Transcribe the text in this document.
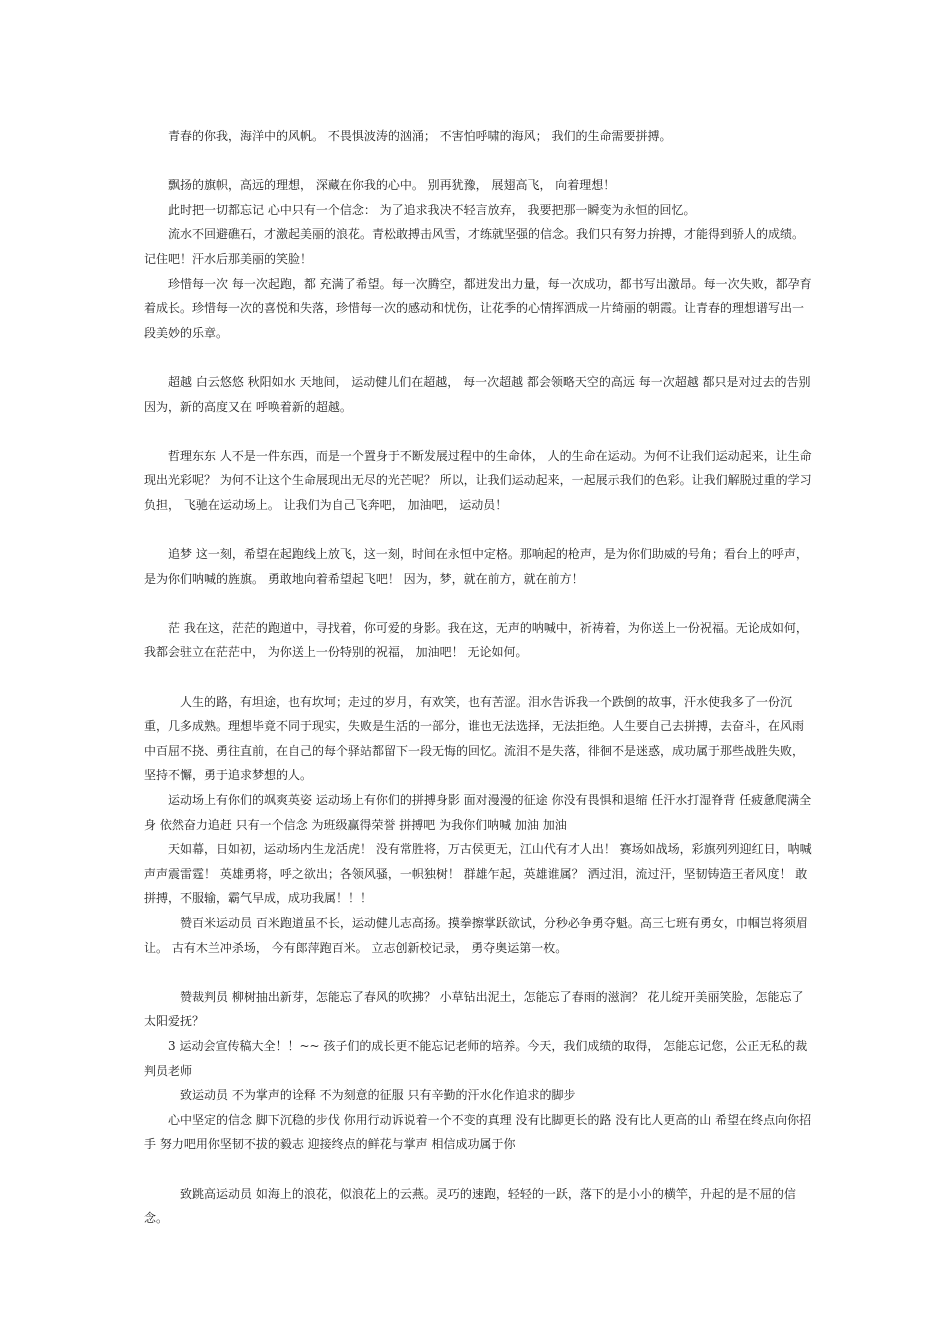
青春的你我，海洋中的风帆。 不畏惧波涛的汹涌； 不害怕呼啸的海风； 我们的生命需要拼搏。

飘扬的旗帜，高远的理想， 深藏在你我的心中。 别再犹豫， 展翅高飞， 向着理想！

此时把一切都忘记 心中只有一个信念： 为了追求我决不轻言放弃， 我要把那一瞬变为永恒的回忆。

流水不回避礁石，才激起美丽的浪花。青松敢搏击风雪，才练就坚强的信念。我们只有努力拚搏，才能得到骄人的成绩。记住吧！汗水后那美丽的笑脸！

珍惜每一次 每一次起跑，都 充满了希望。每一次腾空，都迸发出力量，每一次成功，都书写出激昂。每一次失败，都孕育着成长。珍惜每一次的喜悦和失落，珍惜每一次的感动和忧伤，让花季的心情挥洒成一片绮丽的朝霞。让青春的理想谱写出一段美妙的乐章。

超越 白云悠悠 秋阳如水 天地间， 运动健儿们在超越， 每一次超越 都会领略天空的高远 每一次超越 都只是对过去的告别 因为，新的高度又在 呼唤着新的超越。

哲理东东 人不是一件东西，而是一个置身于不断发展过程中的生命体， 人的生命在运动。为何不让我们运动起来，让生命现出光彩呢？ 为何不让这个生命展现出无尽的光芒呢？ 所以，让我们运动起来，一起展示我们的色彩。让我们解脱过重的学习负担， 飞驰在运动场上。 让我们为自己飞奔吧， 加油吧， 运动员！

追梦 这一刻，希望在起跑线上放飞，这一刻，时间在永恒中定格。那响起的枪声，是为你们助威的号角；看台上的呼声，是为你们呐喊的旌旗。 勇敢地向着希望起飞吧！ 因为，梦，就在前方，就在前方！

茫 我在这，茫茫的跑道中，寻找着，你可爱的身影。我在这，无声的呐喊中，祈祷着，为你送上一份祝福。无论成如何，我都会驻立在茫茫中， 为你送上一份特别的祝福， 加油吧！ 无论如何。

人生的路，有坦途，也有坎坷；走过的岁月，有欢笑，也有苦涩。泪水告诉我一个跌倒的故事，汗水使我多了一份沉重，几多成熟。理想毕竟不同于现实，失败是生活的一部分，谁也无法选择，无法拒绝。人生要自己去拼搏，去奋斗，在风雨中百屈不挠、勇往直前，在自己的每个驿站都留下一段无悔的回忆。流泪不是失落，徘徊不是迷惑，成功属于那些战胜失败，坚持不懈，勇于追求梦想的人。

运动场上有你们的飒爽英姿 运动场上有你们的拼搏身影 面对漫漫的征途 你没有畏惧和退缩 任汗水打湿脊背 任疲惫爬满全身 依然奋力追赶 只有一个信念 为班级赢得荣誉 拼搏吧 为我你们呐喊 加油 加油

天如幕，日如初，运动场内生龙活虎！ 没有常胜将，万古侯更无，江山代有才人出！ 赛场如战场，彩旗列列迎红日，呐喊声声震雷霆！ 英雄勇将，呼之欲出；各领风骚，一帜独树！ 群雄乍起，英雄谁属？ 洒过泪，流过汗，坚韧铸造王者风度！ 敢拼搏，不服输，霸气早成，成功我属！！！

赞百米运动员 百米跑道虽不长，运动健儿志高扬。摸拳擦掌跃欲试，分秒必争勇夺魁。高三七班有勇女，巾帼岂将须眉让。 古有木兰冲杀场， 今有郎萍跑百米。 立志创新校记录， 勇夺奥运第一枚。

赞裁判员 柳树抽出新芽，怎能忘了春风的吹拂？ 小草钻出泥土，怎能忘了春雨的滋润？ 花儿绽开美丽笑脸，怎能忘了太阳爱抚？

3 运动会宣传稿大全！！~~ 孩子们的成长更不能忘记老师的培养。今天，我们成绩的取得， 怎能忘记您，公正无私的裁判员老师

致运动员 不为掌声的诠释 不为刻意的征服 只有辛勤的汗水化作追求的脚步

心中坚定的信念 脚下沉稳的步伐 你用行动诉说着一个不变的真理 没有比脚更长的路 没有比人更高的山 希望在终点向你招手 努力吧用你坚韧不拔的毅志 迎接终点的鲜花与掌声 相信成功属于你

致跳高运动员 如海上的浪花，似浪花上的云燕。灵巧的速跑，轻轻的一跃，落下的是小小的横竿，升起的是不屈的信念。
